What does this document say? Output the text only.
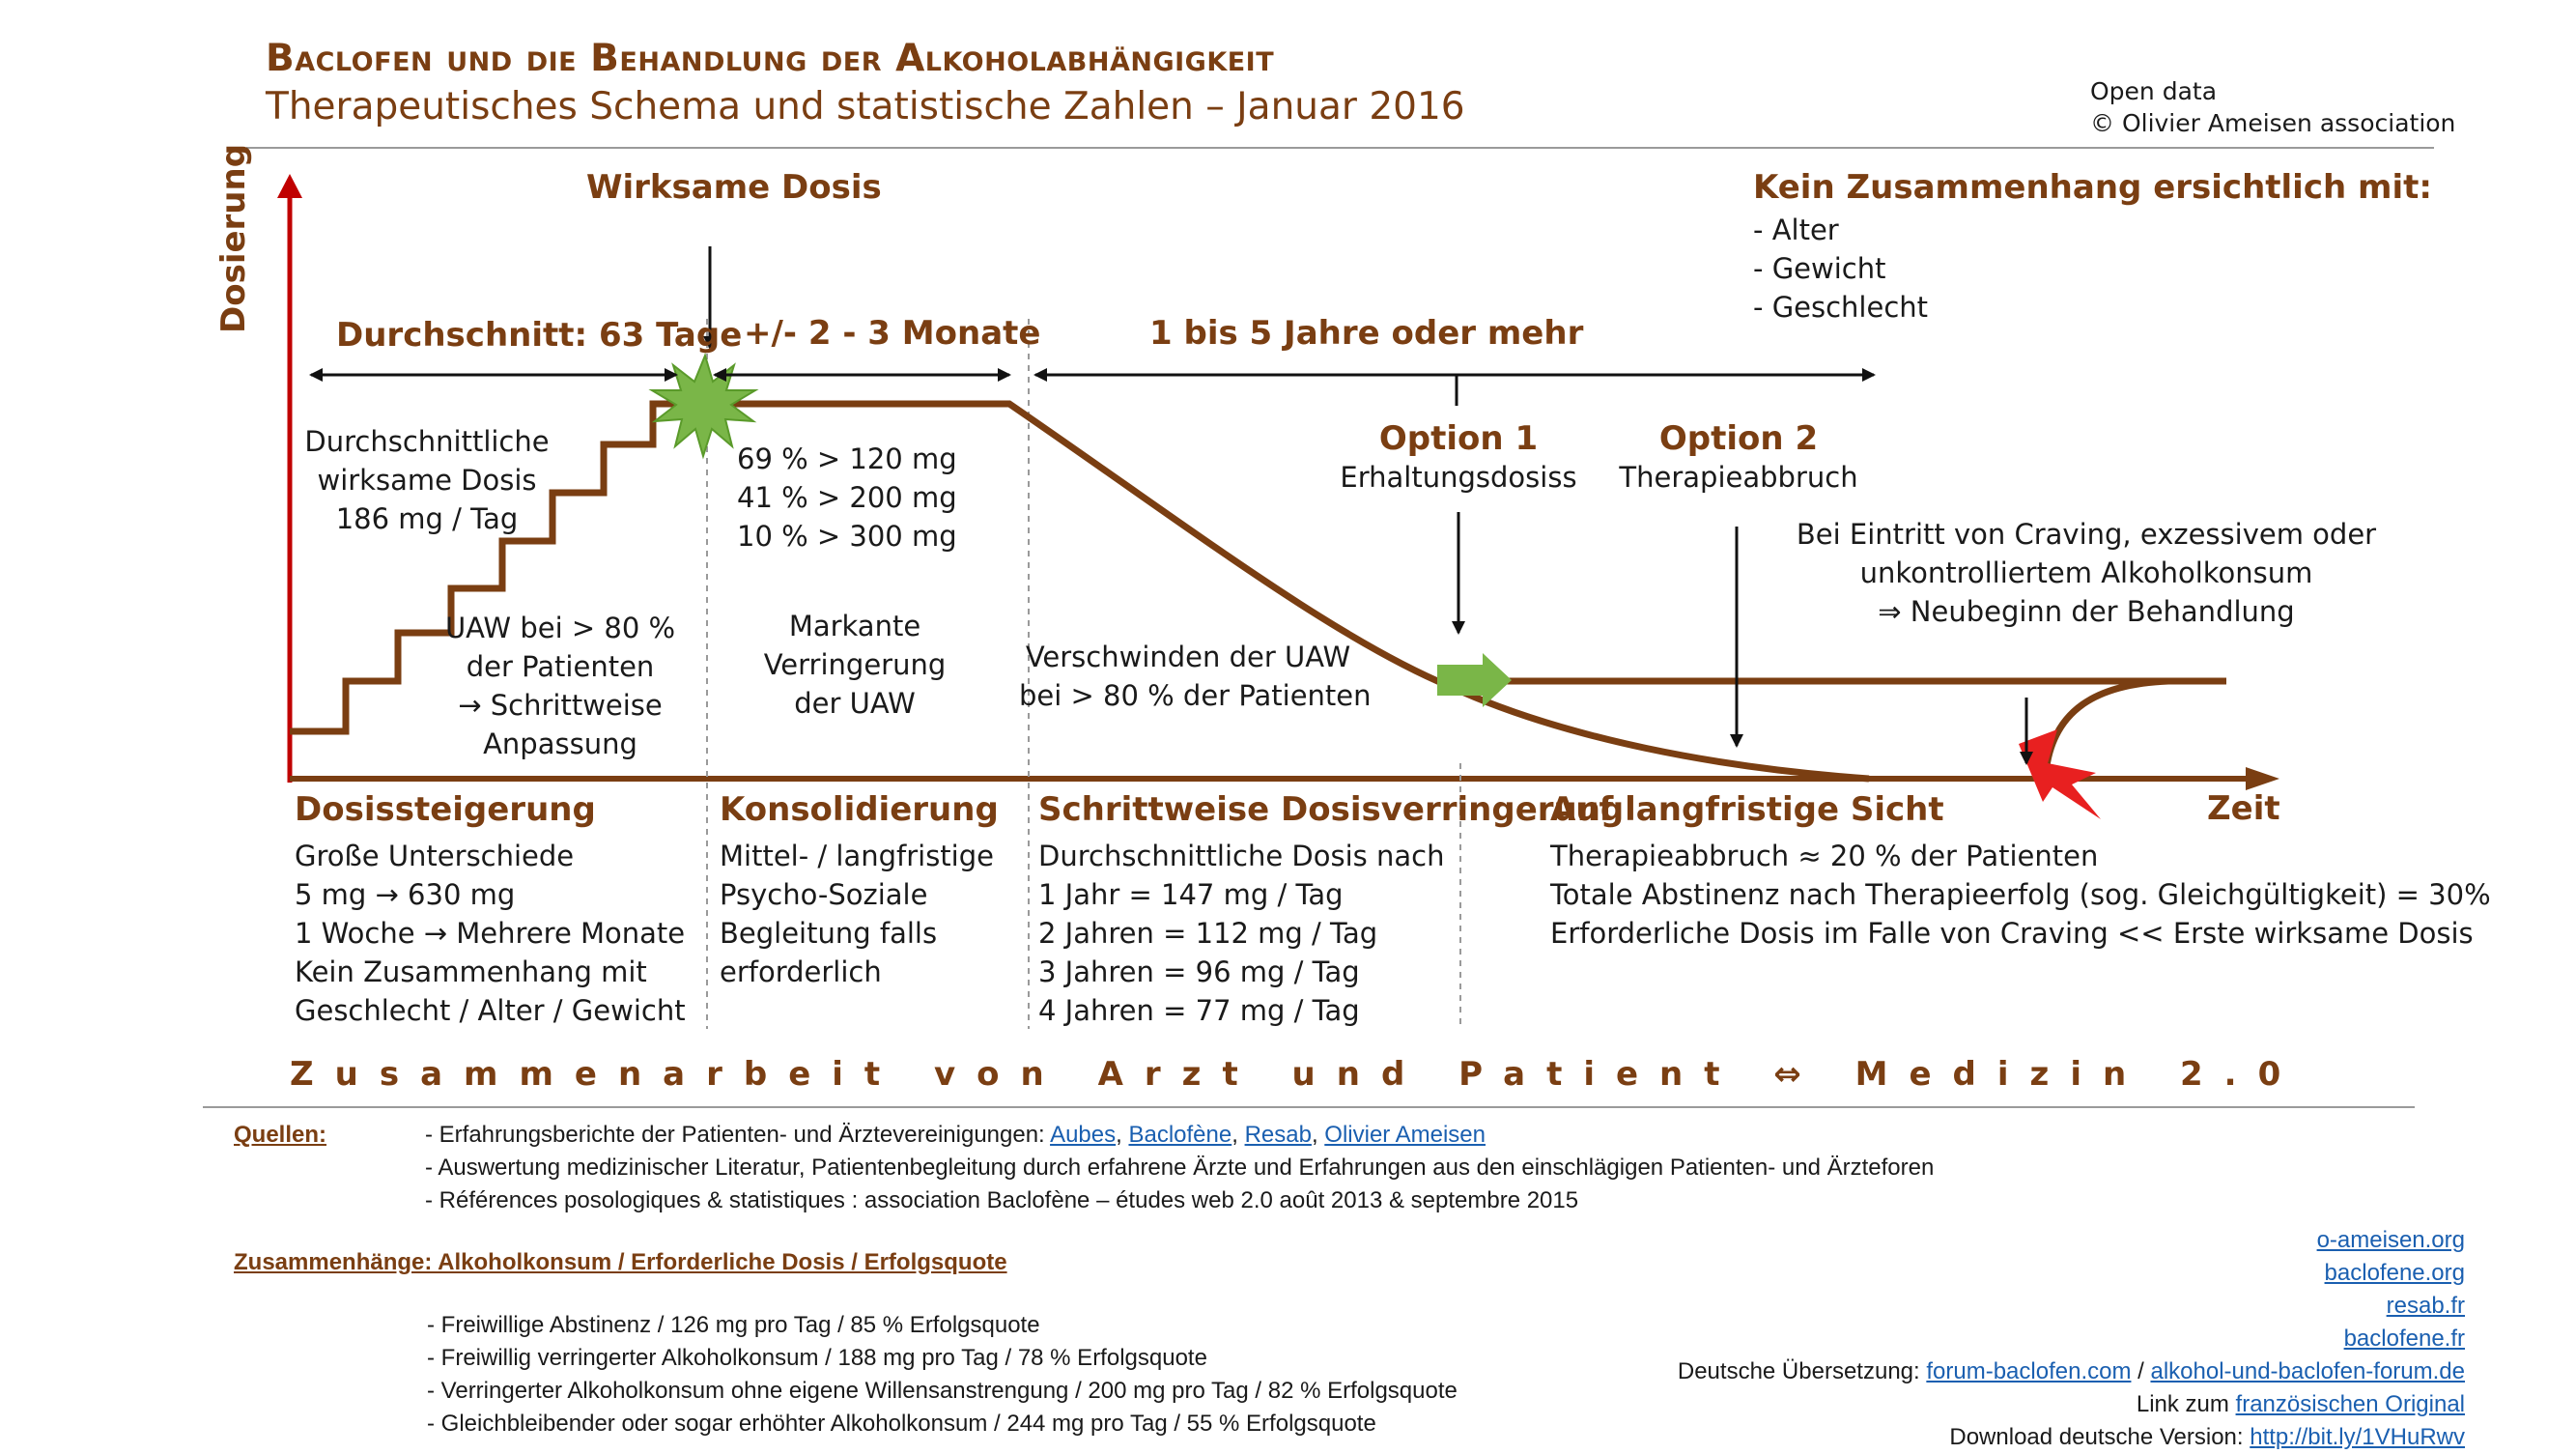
Baclofen und die Behandlung der Alkoholabhängigkeit
Therapeutisches Schema und statistische Zahlen – Januar 2016	Open data
© Olivier Ameisen association
Dosierung
Zeit
Wirksame Dosis
Durchschnitt: 63 Tage +/- 2 - 3 Monate	1 bis 5 Jahre oder mehr
Kein Zusammenhang ersichtlich mit:
- Alter
- Gewicht
- Geschlecht
Durchschnittliche
wirksame Dosis
186 mg / Tag
UAW bei > 80 %
der Patienten
→ Schrittweise
Anpassung
69 % > 120 mg
41 % > 200 mg
10 % > 300 mg
Markante
Verringerung
der UAW
Verschwinden der UAW
bei > 80 % der Patienten
Option 1
Erhaltungsdosiss
Option 2
Therapieabbruch
Bei Eintritt von Craving, exzessivem oder
unkontrolliertem Alkoholkonsum
⇒ Neubeginn der Behandlung
Dosissteigerung
Große Unterschiede
5 mg → 630 mg
1 Woche → Mehrere Monate
Kein Zusammenhang mit
Geschlecht / Alter / Gewicht
Konsolidierung
Mittel- / langfristige
Psycho-Soziale
Begleitung falls
erforderlich
Schrittweise Dosisverringerung
Durchschnittliche Dosis nach
1 Jahr = 147 mg / Tag
2 Jahren = 112 mg / Tag
3 Jahren = 96 mg / Tag
4 Jahren = 77 mg / Tag
Auf langfristige Sicht
Therapieabbruch ≈ 20 % der Patienten
Totale Abstinenz nach Therapieerfolg (sog. Gleichgültigkeit) = 30%
Erforderliche Dosis im Falle von Craving << Erste wirksame Dosis
Zusammenarbeit von Arzt und Patient ⇔ Medizin 2.0
Quellen:	- Erfahrungsberichte der Patienten- und Ärztevereinigungen: Aubes, Baclofène, Resab, Olivier Ameisen
- Auswertung medizinischer Literatur, Patientenbegleitung durch erfahrene Ärzte und Erfahrungen aus den einschlägigen Patienten- und Ärzteforen
- Références posologiques & statistiques : association Baclofène – études web 2.0 août 2013 & septembre 2015
Zusammenhänge: Alkoholkonsum / Erforderliche Dosis / Erfolgsquote
- Freiwillige Abstinenz / 126 mg pro Tag / 85 % Erfolgsquote
- Freiwillig verringerter Alkoholkonsum / 188 mg pro Tag / 78 % Erfolgsquote
- Verringerter Alkoholkonsum ohne eigene Willensanstrengung / 200 mg pro Tag / 82 % Erfolgsquote
- Gleichbleibender oder sogar erhöhter Alkoholkonsum / 244 mg pro Tag / 55 % Erfolgsquote
o-ameisen.org
baclofene.org
resab.fr
baclofene.fr
Deutsche Übersetzung: forum-baclofen.com / alkohol-und-baclofen-forum.de
Link zum französischen Original
Download deutsche Version: http://bit.ly/1VHuRwv
